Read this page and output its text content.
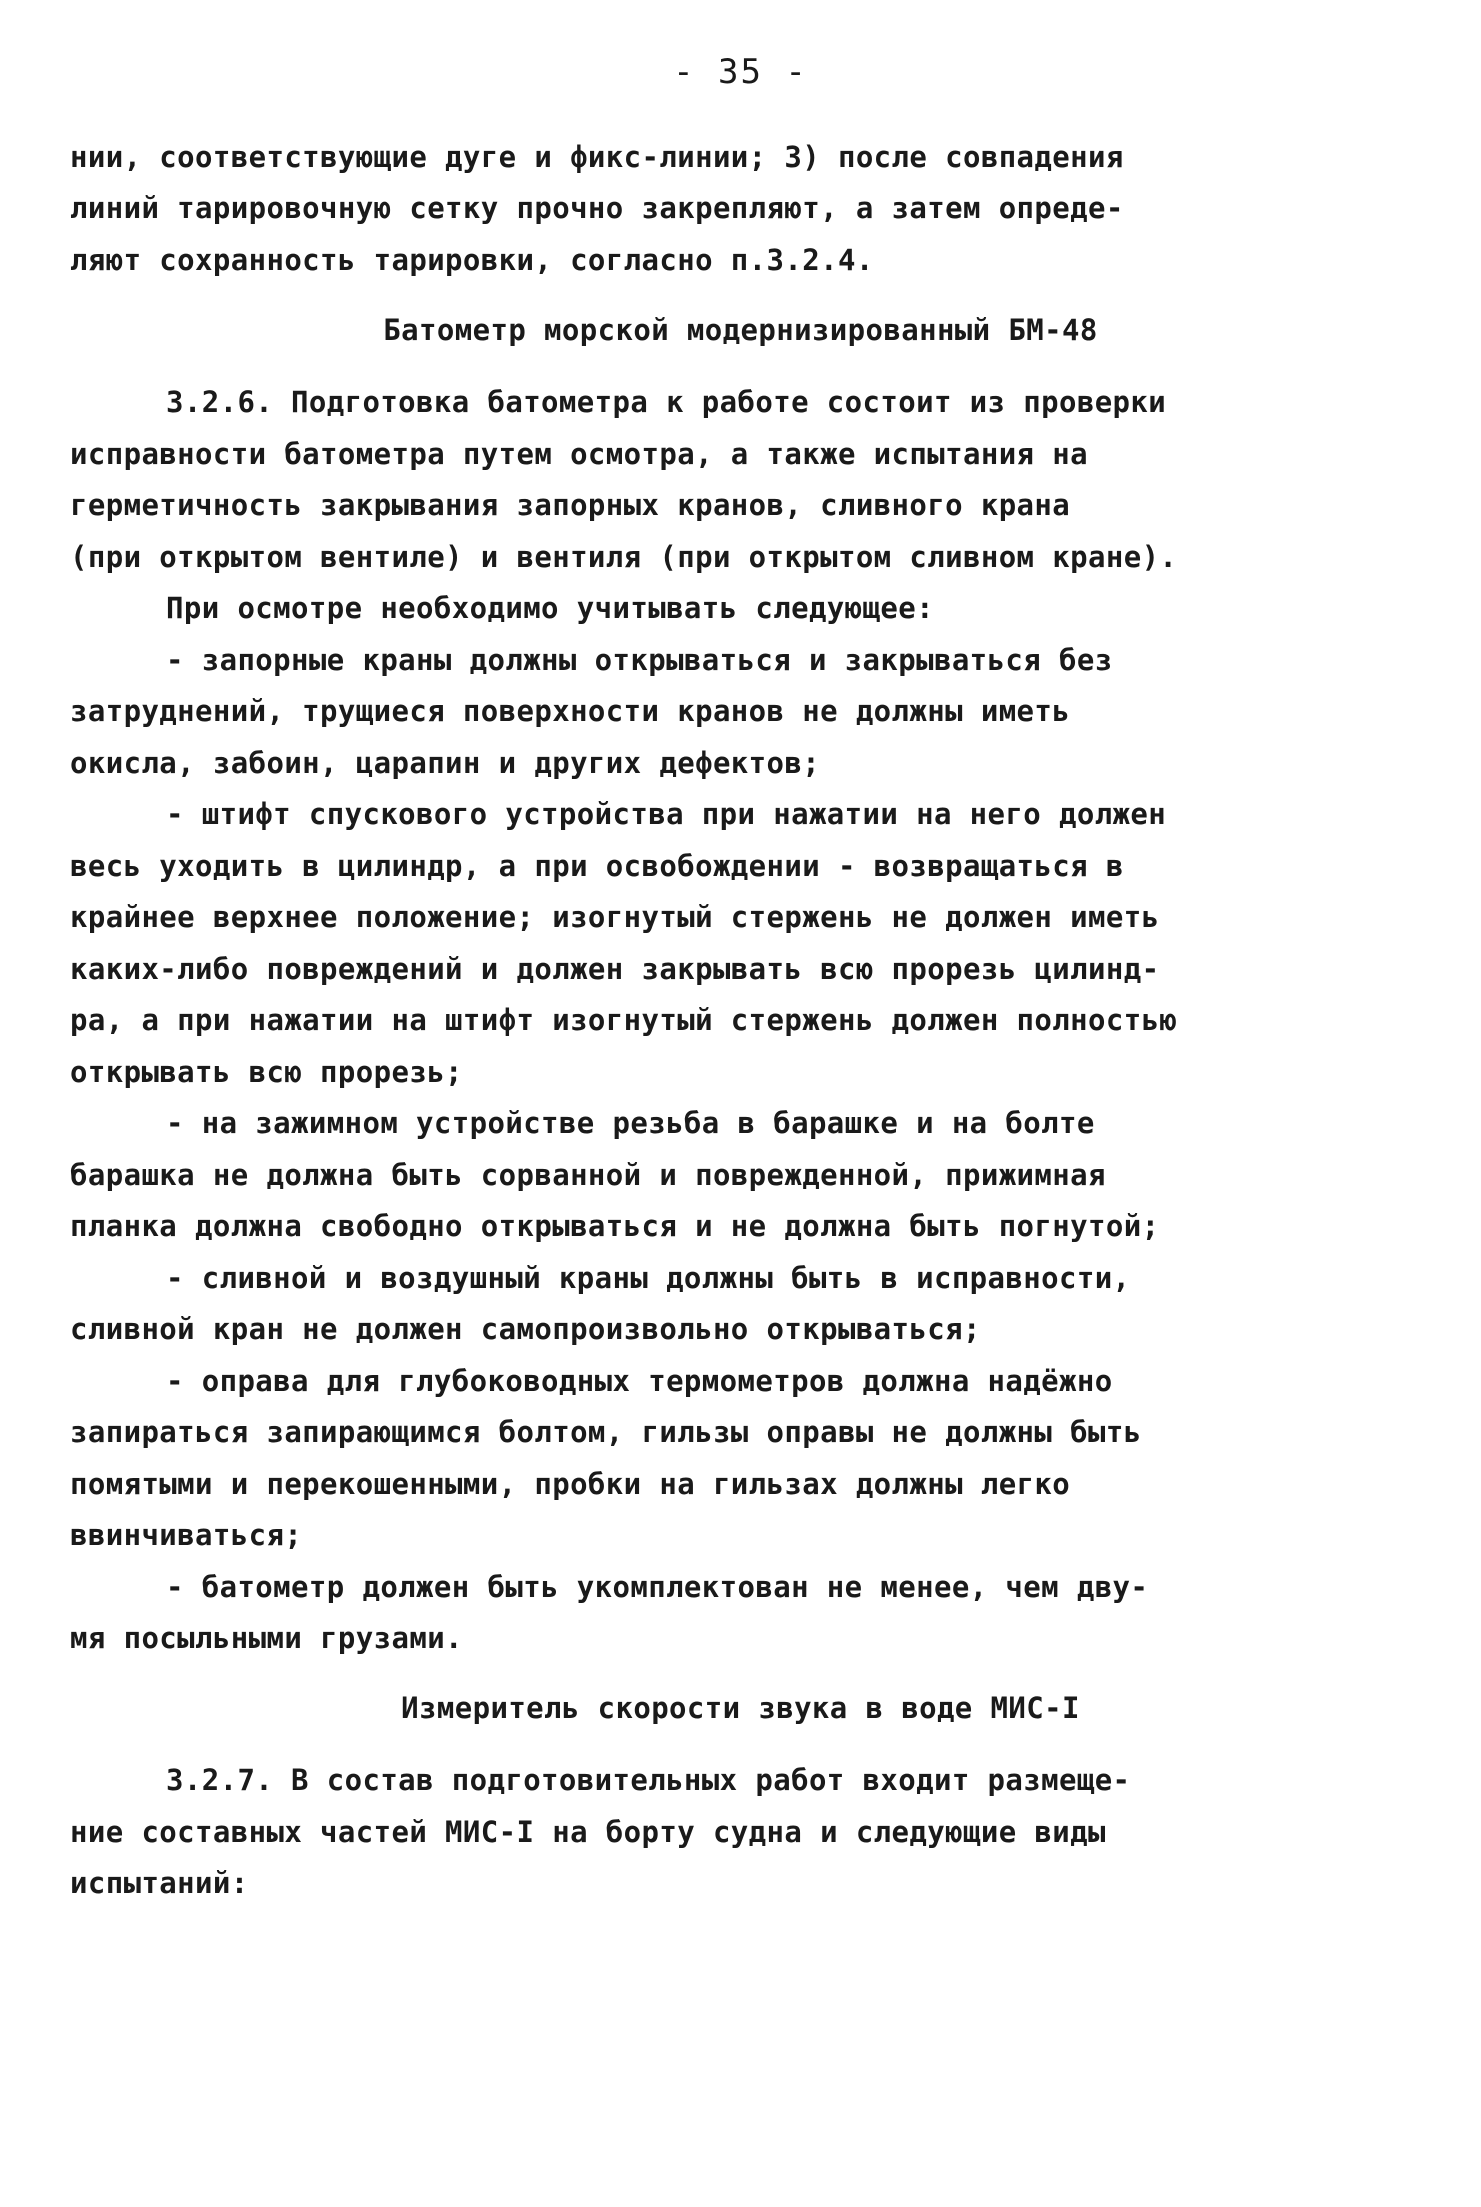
- 35 -
нии, соответствующие дуге и фикс-линии; 3) после совпадения
линий тарировочную сетку прочно закрепляют, а затем опреде-
ляют сохранность тарировки, согласно п.3.2.4.
Батометр морской модернизированный БМ-48
3.2.6. Подготовка батометра к работе состоит из проверки
исправности батометра путем осмотра, а также испытания на
герметичность закрывания запорных кранов, сливного крана
(при открытом вентиле) и вентиля (при открытом сливном кране).
При осмотре необходимо учитывать следующее:
- запорные краны должны открываться и закрываться без
затруднений, трущиеся поверхности кранов не должны иметь
окисла, забоин, царапин и других дефектов;
- штифт спускового устройства при нажатии на него должен
весь уходить в цилиндр, а при освобождении - возвращаться в
крайнее верхнее положение; изогнутый стержень не должен иметь
каких-либо повреждений и должен закрывать всю прорезь цилинд-
ра, а при нажатии на штифт изогнутый стержень должен полностью
открывать всю прорезь;
- на зажимном устройстве резьба в барашке и на болте
барашка не должна быть сорванной и поврежденной, прижимная
планка должна свободно открываться и не должна быть погнутой;
- сливной и воздушный краны должны быть в исправности,
сливной кран не должен самопроизвольно открываться;
- оправа для глубоководных термометров должна надёжно
запираться запирающимся болтом, гильзы оправы не должны быть
помятыми и перекошенными, пробки на гильзах должны легко
ввинчиваться;
- батометр должен быть укомплектован не менее, чем дву-
мя посыльными грузами.
Измеритель скорости звука в воде МИС-I
3.2.7. В состав подготовительных работ входит размеще-
ние составных частей МИС-I на борту судна и следующие виды
испытаний:
